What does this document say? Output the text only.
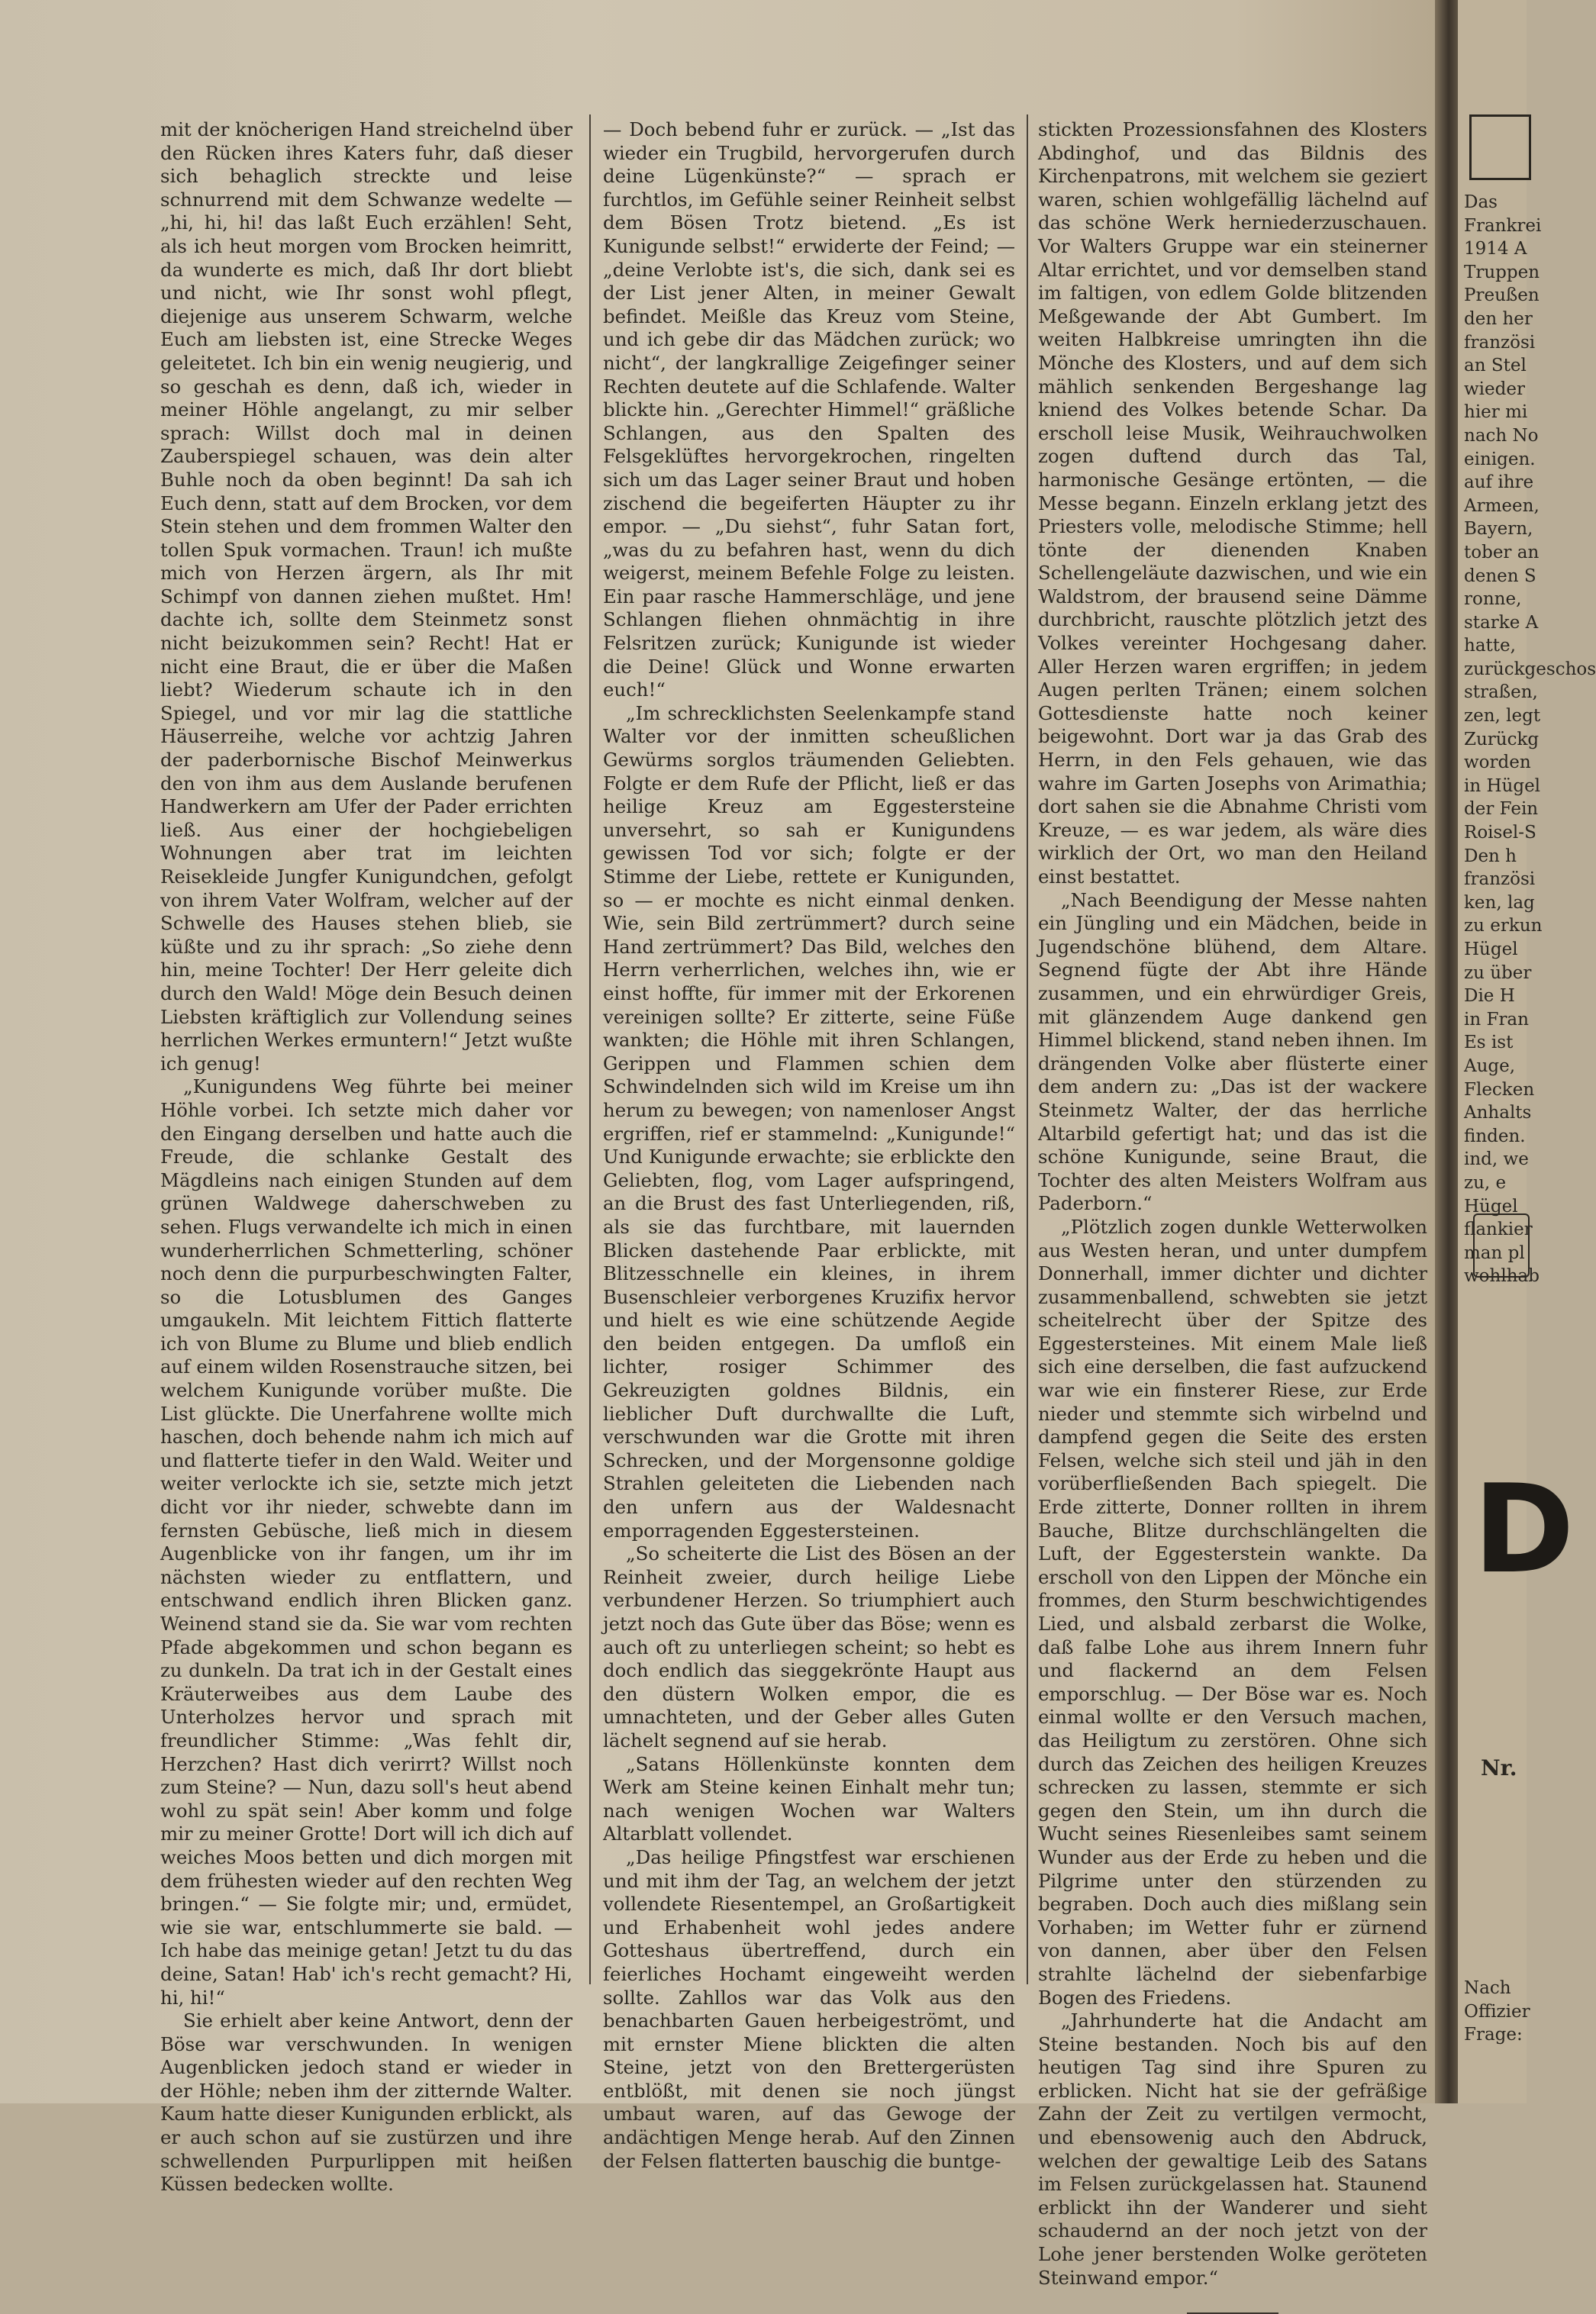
mit der knöcherigen Hand streichelnd über den Rücken ihres Katers fuhr, daß dieser sich behaglich streckte und leise schnurrend mit dem Schwanze wedelte — „hi, hi, hi! das laßt Euch erzählen! Seht, als ich heut morgen vom Brocken heimritt, da wunderte es mich, daß Ihr dort bliebt und nicht, wie Ihr sonst wohl pflegt, diejenige aus unserem Schwarm, welche Euch am liebsten ist, eine Strecke Weges geleitetet. Ich bin ein wenig neugierig, und so geschah es denn, daß ich, wieder in meiner Höhle angelangt, zu mir selber sprach: Willst doch mal in deinen Zauberspiegel schauen, was dein alter Buhle noch da oben beginnt! Da sah ich Euch denn, statt auf dem Brocken, vor dem Stein stehen und dem frommen Walter den tollen Spuk vormachen. Traun! ich mußte mich von Herzen ärgern, als Ihr mit Schimpf von dannen ziehen mußtet. Hm! dachte ich, sollte dem Steinmetz sonst nicht beizukommen sein? Recht! Hat er nicht eine Braut, die er über die Maßen liebt? Wiederum schaute ich in den Spiegel, und vor mir lag die stattliche Häuserreihe, welche vor achtzig Jahren der paderbornische Bischof Meinwerkus den von ihm aus dem Auslande berufenen Handwerkern am Ufer der Pader errichten ließ. Aus einer der hochgiebeligen Wohnungen aber trat im leichten Reisekleide Jungfer Kunigundchen, gefolgt von ihrem Vater Wolfram, welcher auf der Schwelle des Hauses stehen blieb, sie küßte und zu ihr sprach: „So ziehe denn hin, meine Tochter! Der Herr geleite dich durch den Wald! Möge dein Besuch deinen Liebsten kräftiglich zur Vollendung seines herrlichen Werkes ermuntern!“ Jetzt wußte ich genug!

„Kunigundens Weg führte bei meiner Höhle vorbei. Ich setzte mich daher vor den Eingang derselben und hatte auch die Freude, die schlanke Gestalt des Mägdleins nach einigen Stunden auf dem grünen Waldwege daherschweben zu sehen. Flugs verwandelte ich mich in einen wunderherrlichen Schmetterling, schöner noch denn die purpurbeschwingten Falter, so die Lotusblumen des Ganges umgaukeln. Mit leichtem Fittich flatterte ich von Blume zu Blume und blieb endlich auf einem wilden Rosenstrauche sitzen, bei welchem Kunigunde vorüber mußte. Die List glückte. Die Unerfahrene wollte mich haschen, doch behende nahm ich mich auf und flatterte tiefer in den Wald. Weiter und weiter verlockte ich sie, setzte mich jetzt dicht vor ihr nieder, schwebte dann im fernsten Gebüsche, ließ mich in diesem Augenblicke von ihr fangen, um ihr im nächsten wieder zu entflattern, und entschwand endlich ihren Blicken ganz. Weinend stand sie da. Sie war vom rechten Pfade abgekommen und schon begann es zu dunkeln. Da trat ich in der Gestalt eines Kräuterweibes aus dem Laube des Unterholzes hervor und sprach mit freundlicher Stimme: „Was fehlt dir, Herzchen? Hast dich verirrt? Willst noch zum Steine? — Nun, dazu soll's heut abend wohl zu spät sein! Aber komm und folge mir zu meiner Grotte! Dort will ich dich auf weiches Moos betten und dich morgen mit dem frühesten wieder auf den rechten Weg bringen.“ — Sie folgte mir; und, ermüdet, wie sie war, entschlummerte sie bald. — Ich habe das meinige getan! Jetzt tu du das deine, Satan! Hab' ich's recht gemacht? Hi, hi, hi!“

Sie erhielt aber keine Antwort, denn der Böse war verschwunden. In wenigen Augenblicken jedoch stand er wieder in der Höhle; neben ihm der zitternde Walter. Kaum hatte dieser Kunigunden erblickt, als er auch schon auf sie zustürzen und ihre schwellenden Purpurlippen mit heißen Küssen bedecken wollte.

— Doch bebend fuhr er zurück. — „Ist das wieder ein Trugbild, hervorgerufen durch deine Lügenkünste?“ — sprach er furchtlos, im Gefühle seiner Reinheit selbst dem Bösen Trotz bietend. „Es ist Kunigunde selbst!“ erwiderte der Feind; — „deine Verlobte ist's, die sich, dank sei es der List jener Alten, in meiner Gewalt befindet. Meißle das Kreuz vom Steine, und ich gebe dir das Mädchen zurück; wo nicht“, der langkrallige Zeigefinger seiner Rechten deutete auf die Schlafende. Walter blickte hin. „Gerechter Himmel!“ gräßliche Schlangen, aus den Spalten des Felsgeklüftes hervorgekrochen, ringelten sich um das Lager seiner Braut und hoben zischend die begeiferten Häupter zu ihr empor. — „Du siehst“, fuhr Satan fort, „was du zu befahren hast, wenn du dich weigerst, meinem Befehle Folge zu leisten. Ein paar rasche Hammerschläge, und jene Schlangen fliehen ohnmächtig in ihre Felsritzen zurück; Kunigunde ist wieder die Deine! Glück und Wonne erwarten euch!“

„Im schrecklichsten Seelenkampfe stand Walter vor der inmitten scheußlichen Gewürms sorglos träumenden Geliebten. Folgte er dem Rufe der Pflicht, ließ er das heilige Kreuz am Eggestersteine unversehrt, so sah er Kunigundens gewissen Tod vor sich; folgte er der Stimme der Liebe, rettete er Kunigunden, so — er mochte es nicht einmal denken. Wie, sein Bild zertrümmert? durch seine Hand zertrümmert? Das Bild, welches den Herrn verherrlichen, welches ihn, wie er einst hoffte, für immer mit der Erkorenen vereinigen sollte? Er zitterte, seine Füße wankten; die Höhle mit ihren Schlangen, Gerippen und Flammen schien dem Schwindelnden sich wild im Kreise um ihn herum zu bewegen; von namenloser Angst ergriffen, rief er stammelnd: „Kunigunde!“ Und Kunigunde erwachte; sie erblickte den Geliebten, flog, vom Lager aufspringend, an die Brust des fast Unterliegenden, riß, als sie das furchtbare, mit lauernden Blicken dastehende Paar erblickte, mit Blitzesschnelle ein kleines, in ihrem Busenschleier verborgenes Kruzifix hervor und hielt es wie eine schützende Aegide den beiden entgegen. Da umfloß ein lichter, rosiger Schimmer des Gekreuzigten goldnes Bildnis, ein lieblicher Duft durchwallte die Luft, verschwunden war die Grotte mit ihren Schrecken, und der Morgensonne goldige Strahlen geleiteten die Liebenden nach den unfern aus der Waldesnacht emporragenden Eggestersteinen.

„So scheiterte die List des Bösen an der Reinheit zweier, durch heilige Liebe verbundener Herzen. So triumphiert auch jetzt noch das Gute über das Böse; wenn es auch oft zu unterliegen scheint; so hebt es doch endlich das sieggekrönte Haupt aus den düstern Wolken empor, die es umnachteten, und der Geber alles Guten lächelt segnend auf sie herab.

„Satans Höllenkünste konnten dem Werk am Steine keinen Einhalt mehr tun; nach wenigen Wochen war Walters Altarblatt vollendet.

„Das heilige Pfingstfest war erschienen und mit ihm der Tag, an welchem der jetzt vollendete Riesentempel, an Großartigkeit und Erhabenheit wohl jedes andere Gotteshaus übertreffend, durch ein feierliches Hochamt eingeweiht werden sollte. Zahllos war das Volk aus den benachbarten Gauen herbeigeströmt, und mit ernster Miene blickten die alten Steine, jetzt von den Brettergerüsten entblößt, mit denen sie noch jüngst umbaut waren, auf das Gewoge der andächtigen Menge herab. Auf den Zinnen der Felsen flatterten bauschig die buntge-

stickten Prozessionsfahnen des Klosters Abdinghof, und das Bildnis des Kirchenpatrons, mit welchem sie geziert waren, schien wohlgefällig lächelnd auf das schöne Werk herniederzuschauen. Vor Walters Gruppe war ein steinerner Altar errichtet, und vor demselben stand im faltigen, von edlem Golde blitzenden Meßgewande der Abt Gumbert. Im weiten Halbkreise umringten ihn die Mönche des Klosters, und auf dem sich mählich senkenden Bergeshange lag kniend des Volkes betende Schar. Da erscholl leise Musik, Weihrauchwolken zogen duftend durch das Tal, harmonische Gesänge ertönten, — die Messe begann. Einzeln erklang jetzt des Priesters volle, melodische Stimme; hell tönte der dienenden Knaben Schellengeläute dazwischen, und wie ein Waldstrom, der brausend seine Dämme durchbricht, rauschte plötzlich jetzt des Volkes vereinter Hochgesang daher. Aller Herzen waren ergriffen; in jedem Augen perlten Tränen; einem solchen Gottesdienste hatte noch keiner beigewohnt. Dort war ja das Grab des Herrn, in den Fels gehauen, wie das wahre im Garten Josephs von Arimathia; dort sahen sie die Abnahme Christi vom Kreuze, — es war jedem, als wäre dies wirklich der Ort, wo man den Heiland einst bestattet.

„Nach Beendigung der Messe nahten ein Jüngling und ein Mädchen, beide in Jugendschöne blühend, dem Altare. Segnend fügte der Abt ihre Hände zusammen, und ein ehrwürdiger Greis, mit glänzendem Auge dankend gen Himmel blickend, stand neben ihnen. Im drängenden Volke aber flüsterte einer dem andern zu: „Das ist der wackere Steinmetz Walter, der das herrliche Altarbild gefertigt hat; und das ist die schöne Kunigunde, seine Braut, die Tochter des alten Meisters Wolfram aus Paderborn.“

„Plötzlich zogen dunkle Wetterwolken aus Westen heran, und unter dumpfem Donnerhall, immer dichter und dichter zusammenballend, schwebten sie jetzt scheitelrecht über der Spitze des Eggestersteines. Mit einem Male ließ sich eine derselben, die fast aufzuckend war wie ein finsterer Riese, zur Erde nieder und stemmte sich wirbelnd und dampfend gegen die Seite des ersten Felsen, welche sich steil und jäh in den vorüberfließenden Bach spiegelt. Die Erde zitterte, Donner rollten in ihrem Bauche, Blitze durchschlängelten die Luft, der Eggesterstein wankte. Da erscholl von den Lippen der Mönche ein frommes, den Sturm beschwichtigendes Lied, und alsbald zerbarst die Wolke, daß falbe Lohe aus ihrem Innern fuhr und flackernd an dem Felsen emporschlug. — Der Böse war es. Noch einmal wollte er den Versuch machen, das Heiligtum zu zerstören. Ohne sich durch das Zeichen des heiligen Kreuzes schrecken zu lassen, stemmte er sich gegen den Stein, um ihn durch die Wucht seines Riesenleibes samt seinem Wunder aus der Erde zu heben und die Pilgrime unter den stürzenden zu begraben. Doch auch dies mißlang sein Vorhaben; im Wetter fuhr er zürnend von dannen, aber über den Felsen strahlte lächelnd der siebenfarbige Bogen des Friedens.

„Jahrhunderte hat die Andacht am Steine bestanden. Noch bis auf den heutigen Tag sind ihre Spuren zu erblicken. Nicht hat sie der gefräßige Zahn der Zeit zu vertilgen vermocht, und ebensowenig auch den Abdruck, welchen der gewaltige Leib des Satans im Felsen zurückgelassen hat. Staunend erblickt ihn der Wanderer und sieht schaudernd an der noch jetzt von der Lohe jener berstenden Wolke geröteten Steinwand empor.“

Das
Frankrei
1914 A
Truppen
Preußen
den her
französi
an Stel
wieder
hier mi
nach No
einigen.
auf ihre
Armeen,
Bayern,
tober an
denen S
ronne,
starke A
hatte,
zurückgeschos
straßen,
zen, legt
Zurückg
worden
in Hügel
der Fein
Roisel-S
Den h
französi
ken, lag
zu erkun
Hügel
zu über
Die H
in Fran
Es ist
Auge,
Flecken
Anhalts
finden.
ind, we
zu, e
Hügel
flankier
man pl
wohlhab
D
Nr.
Nach
Offizier
Frage:
